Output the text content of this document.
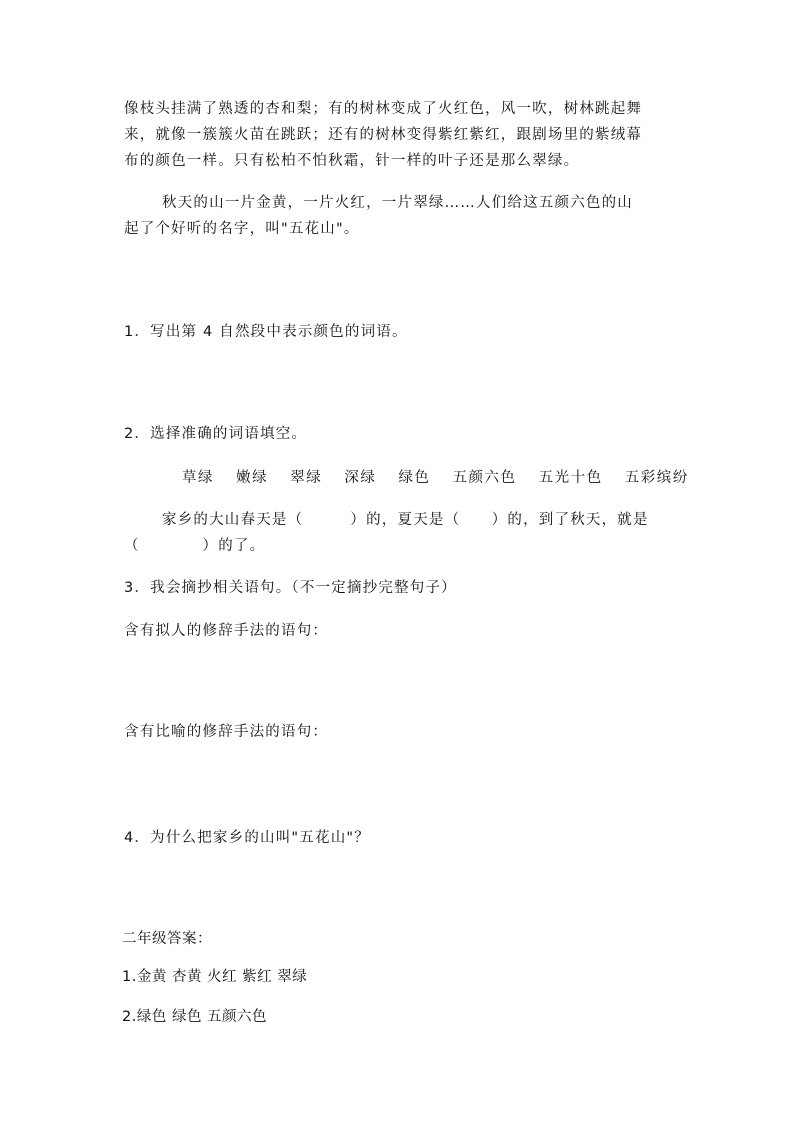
像枝头挂满了熟透的杏和梨；有的树林变成了火红色，风一吹，树林跳起舞
来，就像一簇簇火苗在跳跃；还有的树林变得紫红紫红，跟剧场里的紫绒幕
布的颜色一样。只有松柏不怕秋霜，针一样的叶子还是那么翠绿。
秋天的山一片金黄，一片火红，一片翠绿……人们给这五颜六色的山
起了个好听的名字，叫"五花山"。
1．写出第 4 自然段中表示颜色的词语。
2．选择准确的词语填空。
草绿 嫩绿 翠绿 深绿 绿色 五颜六色 五光十色 五彩缤纷
家乡的大山春天是（　　　）的，夏天是（　　）的，到了秋天，就是
（　　　　）的了。
3．我会摘抄相关语句。（不一定摘抄完整句子）
含有拟人的修辞手法的语句：
含有比喻的修辞手法的语句：
4．为什么把家乡的山叫"五花山"？
二年级答案：
1.金黄 杏黄 火红 紫红 翠绿
2.绿色 绿色 五颜六色
